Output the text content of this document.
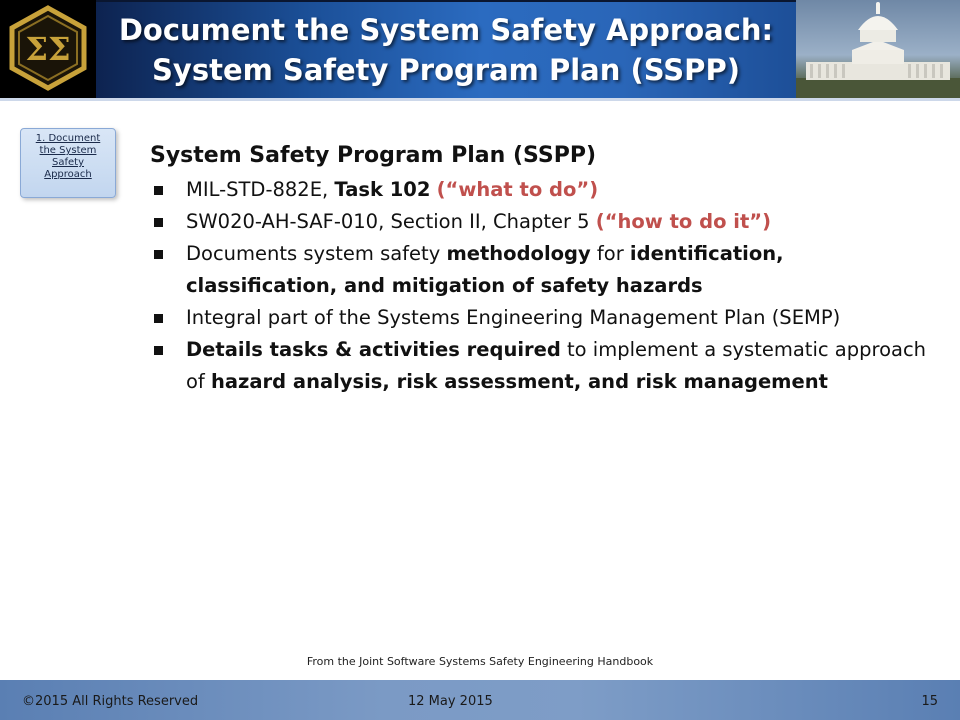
ΣΣ	Document the System Safety Approach:
System Safety Program Plan (SSPP)
1. Document
the System
Safety
Approach
System Safety Program Plan (SSPP)
MIL-STD-882E, Task 102 (“what to do”)
SW020-AH-SAF-010, Section II, Chapter 5 (“how to do it”)
Documents system safety methodology for identification, classification, and mitigation of safety hazards
Integral part of the Systems Engineering Management Plan (SEMP)
Details tasks & activities required to implement a systematic approach of hazard analysis, risk assessment, and risk management
From the Joint Software Systems Safety Engineering Handbook
©2015 All Rights Reserved	12 May 2015	15
